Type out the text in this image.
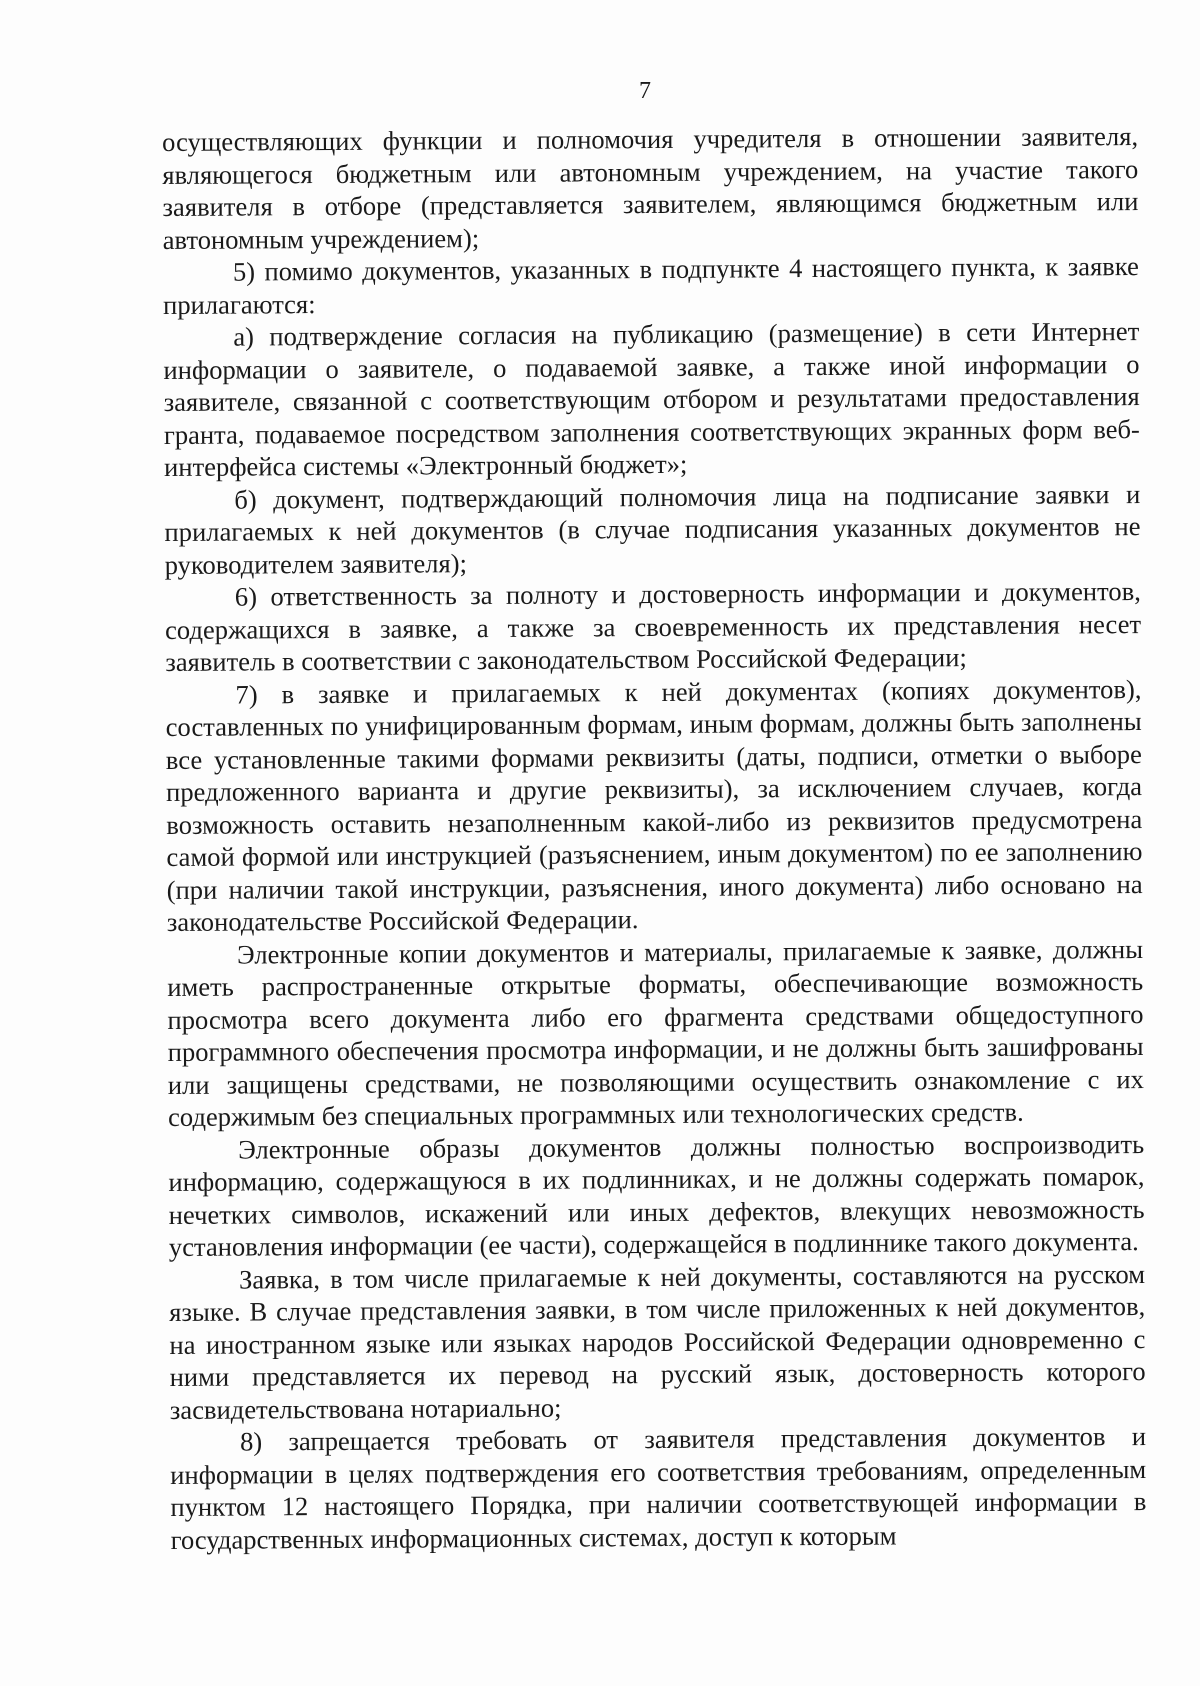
7

осуществляющих функции и полномочия учредителя в отношении заявителя, являющегося бюджетным или автономным учреждением, на участие такого заявителя в отборе (представляется заявителем, являющимся бюджетным или автономным учреждением);

5) помимо документов, указанных в подпункте 4 настоящего пункта, к заявке прилагаются:

а) подтверждение согласия на публикацию (размещение) в сети Интернет информации о заявителе, о подаваемой заявке, а также иной информации о заявителе, связанной с соответствующим отбором и результатами предоставления гранта, подаваемое посредством заполнения соответствующих экранных форм веб-интерфейса системы «Электронный бюджет»;

б) документ, подтверждающий полномочия лица на подписание заявки и прилагаемых к ней документов (в случае подписания указанных документов не руководителем заявителя);

6) ответственность за полноту и достоверность информации и документов, содержащихся в заявке, а также за своевременность их представления несет заявитель в соответствии с законодательством Российской Федерации;

7) в заявке и прилагаемых к ней документах (копиях документов), составленных по унифицированным формам, иным формам, должны быть заполнены все установленные такими формами реквизиты (даты, подписи, отметки о выборе предложенного варианта и другие реквизиты), за исключением случаев, когда возможность оставить незаполненным какой-либо из реквизитов предусмотрена самой формой или инструкцией (разъяснением, иным документом) по ее заполнению (при наличии такой инструкции, разъяснения, иного документа) либо основано на законодательстве Российской Федерации.

Электронные копии документов и материалы, прилагаемые к заявке, должны иметь распространенные открытые форматы, обеспечивающие возможность просмотра всего документа либо его фрагмента средствами общедоступного программного обеспечения просмотра информации, и не должны быть зашифрованы или защищены средствами, не позволяющими осуществить ознакомление с их содержимым без специальных программных или технологических средств.

Электронные образы документов должны полностью воспроизводить информацию, содержащуюся в их подлинниках, и не должны содержать помарок, нечетких символов, искажений или иных дефектов, влекущих невозможность установления информации (ее части), содержащейся в подлиннике такого документа.

Заявка, в том числе прилагаемые к ней документы, составляются на русском языке. В случае представления заявки, в том числе приложенных к ней документов, на иностранном языке или языках народов Российской Федерации одновременно с ними представляется их перевод на русский язык, достоверность которого засвидетельствована нотариально;

8) запрещается требовать от заявителя представления документов и информации в целях подтверждения его соответствия требованиям, определенным пунктом 12 настоящего Порядка, при наличии соответствующей информации в государственных информационных системах, доступ к которым
